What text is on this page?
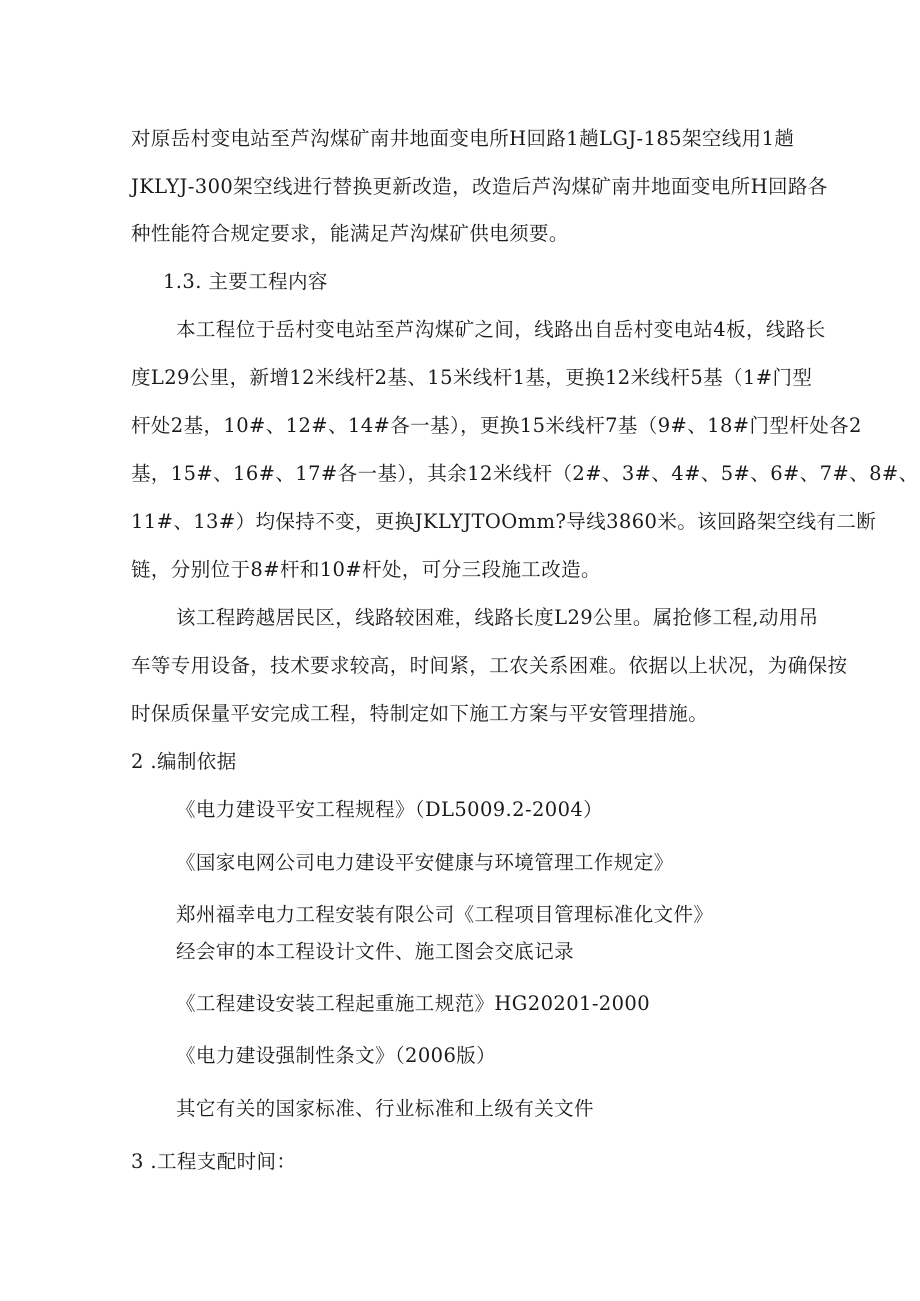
对原岳村变电站至芦沟煤矿南井地面变电所H回路1趟LGJ-185架空线用1趟
JKLYJ-300架空线进行替换更新改造，改造后芦沟煤矿南井地面变电所H回路各
种性能符合规定要求，能满足芦沟煤矿供电须要。
1.3. 主要工程内容
本工程位于岳村变电站至芦沟煤矿之间，线路出自岳村变电站4板，线路长
度L29公里，新增12米线杆2基、15米线杆1基，更换12米线杆5基（1#门型
杆处2基，10#、12#、14#各一基），更换15米线杆7基（9#、18#门型杆处各2
基，15#、16#、17#各一基），其余12米线杆（2#、3#、4#、5#、6#、7#、8#、
11#、13#）均保持不变，更换JKLYJTOOmm?导线3860米。该回路架空线有二断
链，分别位于8#杆和10#杆处，可分三段施工改造。
该工程跨越居民区，线路较困难，线路长度L29公里。属抢修工程,动用吊
车等专用设备，技术要求较高，时间紧，工农关系困难。依据以上状况，为确保按
时保质保量平安完成工程，特制定如下施工方案与平安管理措施。
2 .编制依据
《电力建设平安工程规程》（DL5009.2-2004）
《国家电网公司电力建设平安健康与环境管理工作规定》
郑州福幸电力工程安装有限公司《工程项目管理标准化文件》
经会审的本工程设计文件、施工图会交底记录
《工程建设安装工程起重施工规范》HG20201-2000
《电力建设强制性条文》（2006版）
其它有关的国家标准、行业标准和上级有关文件
3 .工程支配时间：
